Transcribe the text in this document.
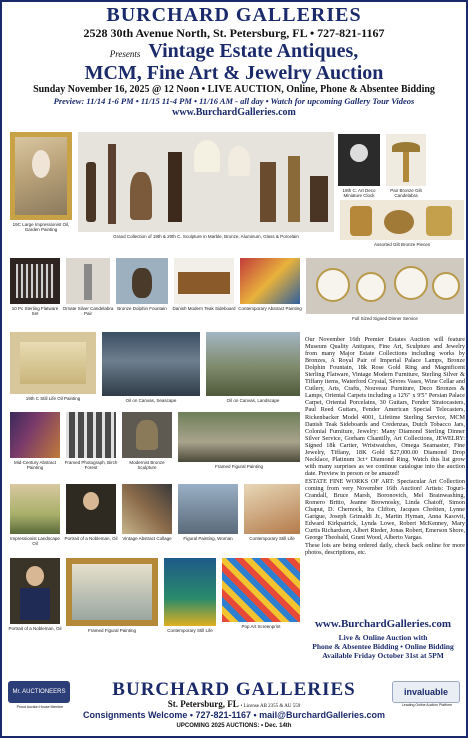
BURCHARD GALLERIES
2528 30th Avenue North, St. Petersburg, FL • 727-821-1167
Presents Vintage Estate Antiques,
MCM, Fine Art & Jewelry Auction
Sunday November 16, 2025 @ 12 Noon • LIVE AUCTION, Online, Phone & Absentee Bidding
Preview: 11/14 1-6 PM • 11/15 11-4 PM • 11/16 AM - all day • Watch for upcoming Gallery Tour Videos
www.BurchardGalleries.com
19C Large Impressionist Oil, Garden Painting
Grand Collection of 19th & 20th C. Sculpture in Marble, Bronze, Aluminum, Glass & Porcelain
19th C. Art Deco Miniature Clock
Pair Bronze Gilt Candelabra
Assorted Gilt Bronze Pieces
10 Pc Sterling Flatware Set
Ornate Silver Candelabra Pair
Bronze Dolphin Fountain	Danish Modern Teak Sideboard Contemporary Abstract Painting
Full Sized Signed Dinner Service
19th C Still Life Oil Painting	Oil on Canvas, Seascape	Oil on Canvas, Landscape
Mid-Century Abstract Painting
Framed Photograph, Birch Forest
Modernist Bronze Sculpture	Framed Figural Painting
Impressionist Landscape Oil
Portrait of a Nobleman, Oil	Vintage Abstract Collage	Figural Painting, Woman	Contemporary Still Life
Portrait of a Nobleman, Oil	Framed Figural Painting	Contemporary Still Life
Pop Art Screenprint

Our November 16th Premier Estates Auction will feature Museum Quality Antiques, Fine Art, Sculpture and Jewelry from many Major Estate Collections including works by Bronzes, A Royal Pair of Imperial Palace Lamps, Bronze Dolphin Fountain, 18k Rose Gold Ring and Magnificent Sterling Flatware, Vintage Modern Furniture, Sterling Silver & Tiffany items, Waterford Crystal, Sèvres Vases, Wine Cellar and Cutlery, Arts, Crafts, Nouveau Furniture, Deco Bronzes & Lamps, Oriental Carpets including a 12'6" x 9'5" Persian Palace Carpet, Oriental Porcelains, 30 Guitars, Fender Stratocasters, Paul Reed Guitars, Fender American Special Telecasters, Rickenbacker Model 4001, Lifetime Sterling Service, MCM Danish Teak Sideboards and Credenzas, Dutch Tobacco Jars, Colonial Furniture, Jewelry: Many Diamond Sterling Dinner Silver Service, Gorham Chantilly, Art Collections, JEWELRY: Signed 18k Cartier, Wristwatches, Omega Seamaster, Fine Jewelry, Tiffany, 18K Gold $27,000.00 Diamond Drop Necklace, Platinum 3ct+ Diamond Ring. Watch this list grow with many surprises as we continue catalogue into the auction date. Preview in person or be amazed!

ESTATE FINE WORKS OF ART: Spectacular Art Collection coming from very November 16th Auction! Artists: Toguri-Crandall, Bruce Marsh, Boronovich, Mel Brainwashing, Romero Britto, Jeanne Brownosky, Linda Chatoff, Simon Chaput, D. Chernock, Ira Clifton, Jacques Chrétien, Lynne Garigue, Joseph Grimaldi Jr., Martin Hyman, Anna Kasovit, Edward Kirkpatrick, Lynda Lowe, Robert McKenney, Mary Curtis Richardson, Albert Rieder, Jonas Robert, Emerson Shore, George Theobald, Grant Wood, Alberto Vargas.

These lots are being ordered daily, check back online for more photos, descriptions, etc.

www.BurchardGalleries.com
Live & Online Auction with
Phone & Absentee Bidding • Online Bidding
Available Friday October 31st at 5PM
Mr. AUCTIONEERS
Proud Auction House Member
BURCHARD GALLERIES
St. Petersburg, FL • License AB 2355 & AU 559
Consignments Welcome • 727-821-1167 • mail@BurchardGalleries.com
UPCOMING 2025 AUCTIONS: • Dec. 14th
invaluable
Leading Online Auction Platform
